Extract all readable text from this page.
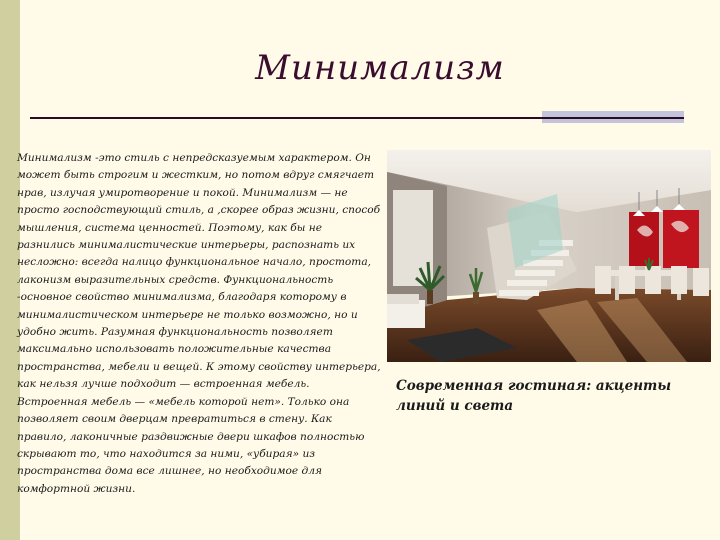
Минимализм

Минимализм -это стиль с непредсказуемым характером. Он может быть строгим и жестким, но потом вдруг смягчает нрав, излучая умиротворение и покой. Минимализм — не просто господствующий стиль, а ,скорее образ жизни, способ мышления, система ценностей. Поэтому, как бы не разнились минималистические интерьеры, распознать их несложно: всегда налицо функциональное начало, простота, лаконизм выразительных средств. Функциональность -основное свойство минимализма, благодаря которому в минималистическом интерьере не только возможно, но и удобно жить. Разумная функциональность позволяет максимально использовать положительные качества пространства, мебели и вещей. К этому свойству интерьера, как нельзя лучше подходит — встроенная мебель.

Встроенная мебель — «мебель которой нет». Только она позволяет своим дверцам превратиться в стену. Как правило, лаконичные раздвижные двери шкафов полностью скрывают то, что находится за ними, «убирая» из пространства дома все лишнее, но необходимое для комфортной жизни.

Современная гостиная: акценты линий и света
